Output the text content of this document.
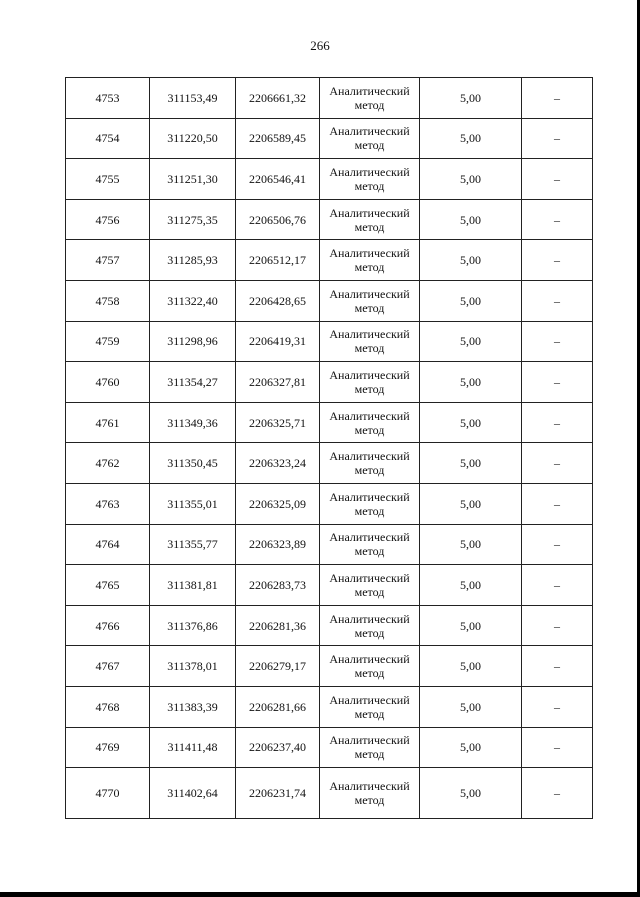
266
4753	311153,49	2206661,32	Аналитический метод	5,00	–
4754	311220,50	2206589,45	Аналитический метод	5,00	–
4755	311251,30	2206546,41	Аналитический метод	5,00	–
4756	311275,35	2206506,76	Аналитический метод	5,00	–
4757	311285,93	2206512,17	Аналитический метод	5,00	–
4758	311322,40	2206428,65	Аналитический метод	5,00	–
4759	311298,96	2206419,31	Аналитический метод	5,00	–
4760	311354,27	2206327,81	Аналитический метод	5,00	–
4761	311349,36	2206325,71	Аналитический метод	5,00	–
4762	311350,45	2206323,24	Аналитический метод	5,00	–
4763	311355,01	2206325,09	Аналитический метод	5,00	–
4764	311355,77	2206323,89	Аналитический метод	5,00	–
4765	311381,81	2206283,73	Аналитический метод	5,00	–
4766	311376,86	2206281,36	Аналитический метод	5,00	–
4767	311378,01	2206279,17	Аналитический метод	5,00	–
4768	311383,39	2206281,66	Аналитический метод	5,00	–
4769	311411,48	2206237,40	Аналитический метод	5,00	–
4770	311402,64	2206231,74	Аналитический метод	5,00	–
